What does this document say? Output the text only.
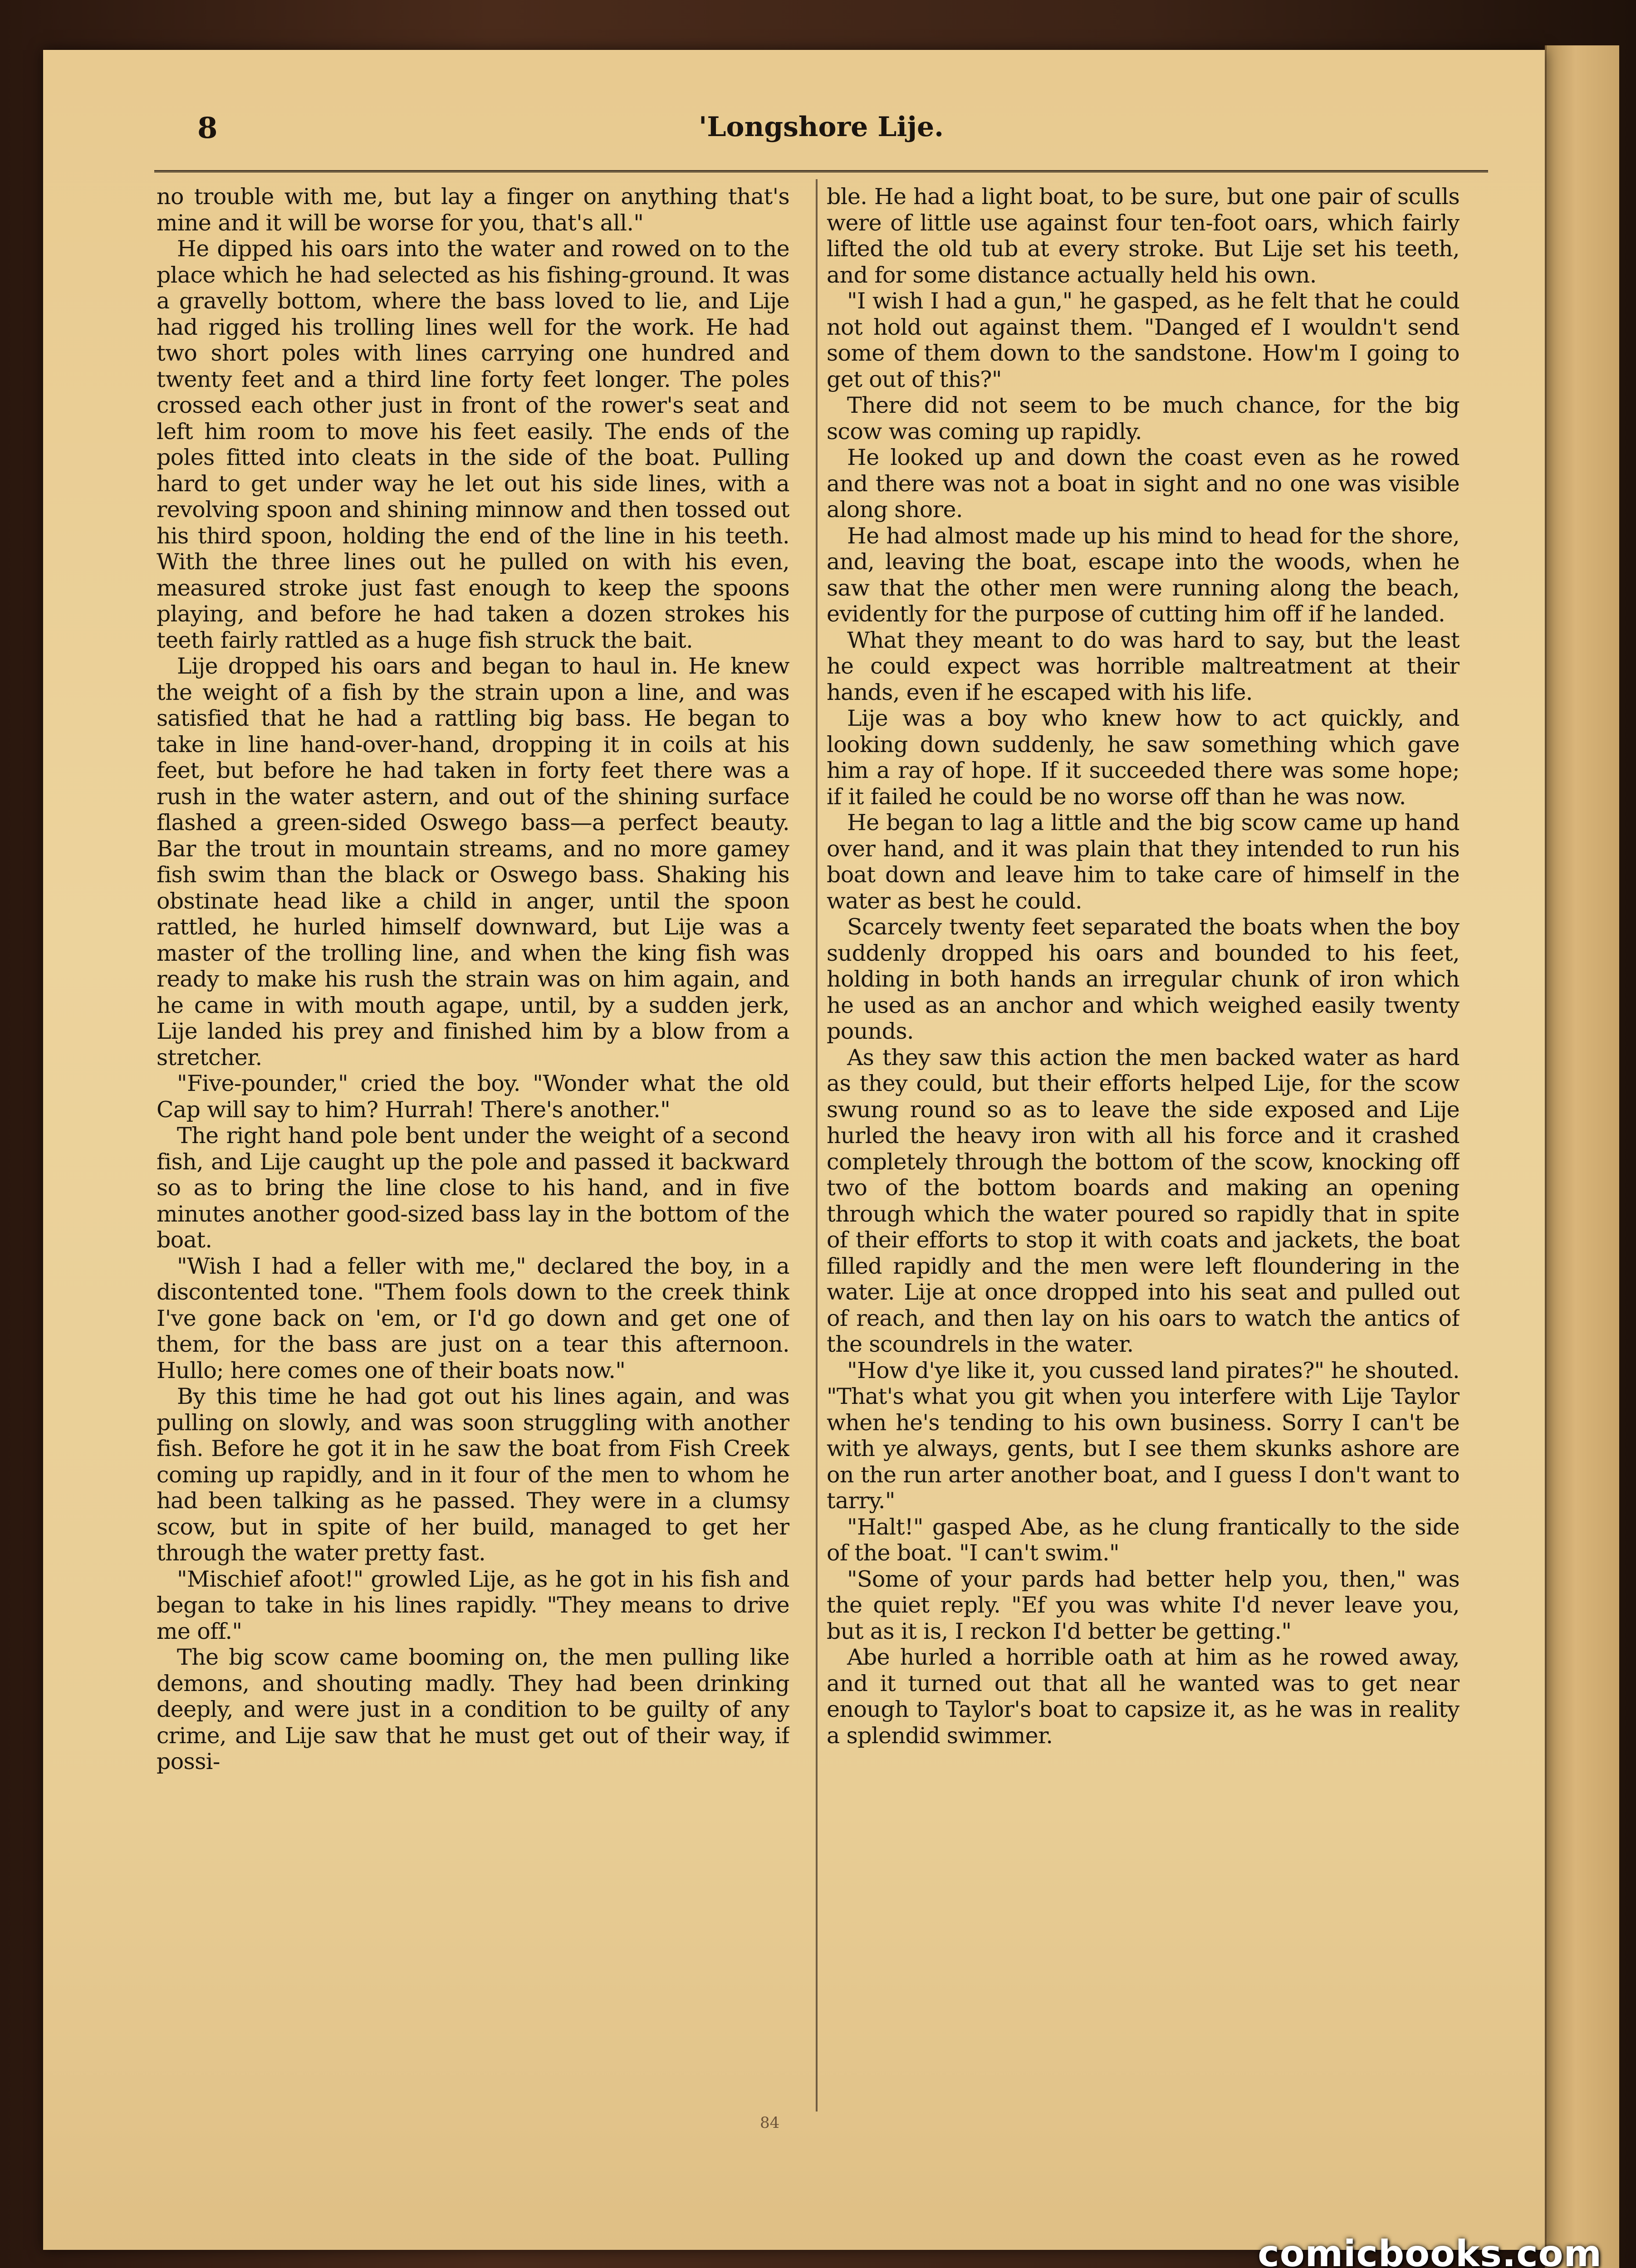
8	'Longshore Lije.

no trouble with me, but lay a finger on anything that's mine and it will be worse for you, that's all."

He dipped his oars into the water and rowed on to the place which he had selected as his fishing-ground. It was a gravelly bottom, where the bass loved to lie, and Lije had rigged his trolling lines well for the work. He had two short poles with lines carrying one hundred and twenty feet and a third line forty feet longer. The poles crossed each other just in front of the rower's seat and left him room to move his feet easily. The ends of the poles fitted into cleats in the side of the boat. Pulling hard to get under way he let out his side lines, with a revolving spoon and shining minnow and then tossed out his third spoon, holding the end of the line in his teeth. With the three lines out he pulled on with his even, measured stroke just fast enough to keep the spoons playing, and before he had taken a dozen strokes his teeth fairly rattled as a huge fish struck the bait.

Lije dropped his oars and began to haul in. He knew the weight of a fish by the strain upon a line, and was satisfied that he had a rattling big bass. He began to take in line hand-over-hand, dropping it in coils at his feet, but before he had taken in forty feet there was a rush in the water astern, and out of the shining surface flashed a green-sided Oswego bass—a perfect beauty. Bar the trout in mountain streams, and no more gamey fish swim than the black or Oswego bass. Shaking his obstinate head like a child in anger, until the spoon rattled, he hurled himself downward, but Lije was a master of the trolling line, and when the king fish was ready to make his rush the strain was on him again, and he came in with mouth agape, until, by a sudden jerk, Lije landed his prey and finished him by a blow from a stretcher.

"Five-pounder," cried the boy. "Wonder what the old Cap will say to him? Hurrah! There's another."

The right hand pole bent under the weight of a second fish, and Lije caught up the pole and passed it backward so as to bring the line close to his hand, and in five minutes another good-sized bass lay in the bottom of the boat.

"Wish I had a feller with me," declared the boy, in a discontented tone. "Them fools down to the creek think I've gone back on 'em, or I'd go down and get one of them, for the bass are just on a tear this afternoon. Hullo; here comes one of their boats now."

By this time he had got out his lines again, and was pulling on slowly, and was soon struggling with another fish. Before he got it in he saw the boat from Fish Creek coming up rapidly, and in it four of the men to whom he had been talking as he passed. They were in a clumsy scow, but in spite of her build, managed to get her through the water pretty fast.

"Mischief afoot!" growled Lije, as he got in his fish and began to take in his lines rapidly. "They means to drive me off."

The big scow came booming on, the men pulling like demons, and shouting madly. They had been drinking deeply, and were just in a condition to be guilty of any crime, and Lije saw that he must get out of their way, if possi-

ble. He had a light boat, to be sure, but one pair of sculls were of little use against four ten-foot oars, which fairly lifted the old tub at every stroke. But Lije set his teeth, and for some distance actually held his own.

"I wish I had a gun," he gasped, as he felt that he could not hold out against them. "Danged ef I wouldn't send some of them down to the sandstone. How'm I going to get out of this?"

There did not seem to be much chance, for the big scow was coming up rapidly.

He looked up and down the coast even as he rowed and there was not a boat in sight and no one was visible along shore.

He had almost made up his mind to head for the shore, and, leaving the boat, escape into the woods, when he saw that the other men were running along the beach, evidently for the purpose of cutting him off if he landed.

What they meant to do was hard to say, but the least he could expect was horrible maltreatment at their hands, even if he escaped with his life.

Lije was a boy who knew how to act quickly, and looking down suddenly, he saw something which gave him a ray of hope. If it succeeded there was some hope; if it failed he could be no worse off than he was now.

He began to lag a little and the big scow came up hand over hand, and it was plain that they intended to run his boat down and leave him to take care of himself in the water as best he could.

Scarcely twenty feet separated the boats when the boy suddenly dropped his oars and bounded to his feet, holding in both hands an irregular chunk of iron which he used as an anchor and which weighed easily twenty pounds.

As they saw this action the men backed water as hard as they could, but their efforts helped Lije, for the scow swung round so as to leave the side exposed and Lije hurled the heavy iron with all his force and it crashed completely through the bottom of the scow, knocking off two of the bottom boards and making an opening through which the water poured so rapidly that in spite of their efforts to stop it with coats and jackets, the boat filled rapidly and the men were left floundering in the water. Lije at once dropped into his seat and pulled out of reach, and then lay on his oars to watch the antics of the scoundrels in the water.

"How d'ye like it, you cussed land pirates?" he shouted. "That's what you git when you interfere with Lije Taylor when he's tending to his own business. Sorry I can't be with ye always, gents, but I see them skunks ashore are on the run arter another boat, and I guess I don't want to tarry."

"Halt!" gasped Abe, as he clung frantically to the side of the boat. "I can't swim."

"Some of your pards had better help you, then," was the quiet reply. "Ef you was white I'd never leave you, but as it is, I reckon I'd better be getting."

Abe hurled a horrible oath at him as he rowed away, and it turned out that all he wanted was to get near enough to Taylor's boat to capsize it, as he was in reality a splendid swimmer.

84
comicbooks.com
